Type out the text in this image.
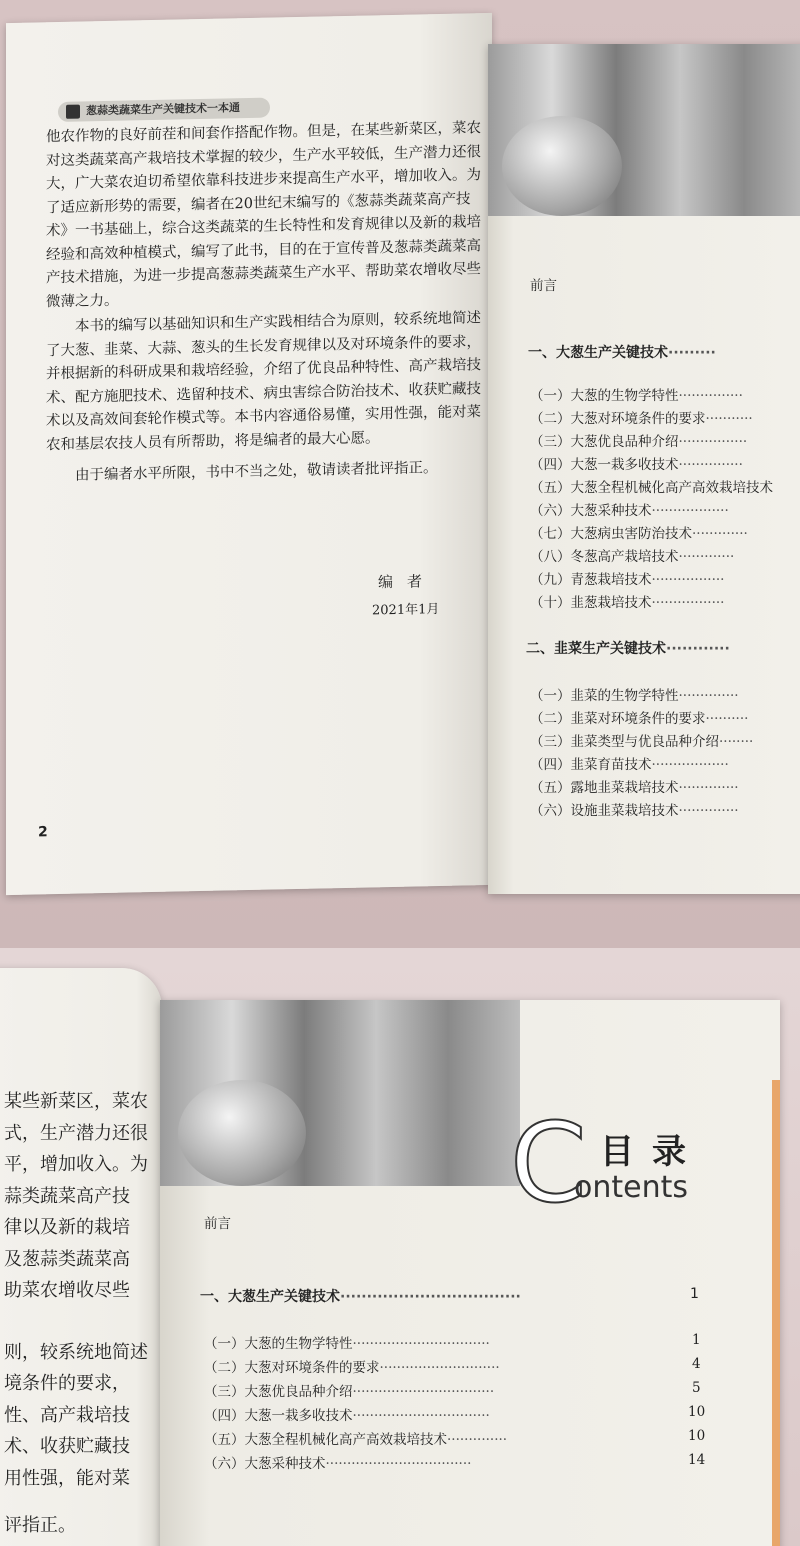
葱蒜类蔬菜生产关键技术一本通

他农作物的良好前茬和间套作搭配作物。但是，在某些新菜区，菜农对这类蔬菜高产栽培技术掌握的较少，生产水平较低，生产潜力还很大，广大菜农迫切希望依靠科技进步来提高生产水平，增加收入。为了适应新形势的需要，编者在20世纪末编写的《葱蒜类蔬菜高产技术》一书基础上，综合这类蔬菜的生长特性和发育规律以及新的栽培经验和高效种植模式，编写了此书，目的在于宣传普及葱蒜类蔬菜高产技术措施，为进一步提高葱蒜类蔬菜生产水平、帮助菜农增收尽些微薄之力。

本书的编写以基础知识和生产实践相结合为原则，较系统地简述了大葱、韭菜、大蒜、葱头的生长发育规律以及对环境条件的要求，并根据新的科研成果和栽培经验，介绍了优良品种特性、高产栽培技术、配方施肥技术、选留种技术、病虫害综合防治技术、收获贮藏技术以及高效间套轮作模式等。本书内容通俗易懂，实用性强，能对菜农和基层农技人员有所帮助，将是编者的最大心愿。

由于编者水平所限，书中不当之处，敬请读者批评指正。

编者
2021年1月
2
前言
一、大葱生产关键技术·········
（一）大葱的生物学特性···············
（二）大葱对环境条件的要求···········
（三）大葱优良品种介绍················
（四）大葱一栽多收技术···············
（五）大葱全程机械化高产高效栽培技术
（六）大葱采种技术··················
（七）大葱病虫害防治技术·············
（八）冬葱高产栽培技术·············
（九）青葱栽培技术·················
（十）韭葱栽培技术·················
二、韭菜生产关键技术············
（一）韭菜的生物学特性··············
（二）韭菜对环境条件的要求··········
（三）韭菜类型与优良品种介绍········
（四）韭菜育苗技术··················
（五）露地韭菜栽培技术··············
（六）设施韭菜栽培技术··············
某些新菜区，菜农
式，生产潜力还很
平，增加收入。为
蒜类蔬菜高产技
律以及新的栽培
及葱蒜类蔬菜高
助菜农增收尽些
则，较系统地简述
境条件的要求，
性、高产栽培技
术、收获贮藏技
用性强，能对菜
评指正。
C 目录
ontents
前言
一、大葱生产关键技术··································	1
（一）大葱的生物学特性································	1
（二）大葱对环境条件的要求····························	4
（三）大葱优良品种介绍·································	5
（四）大葱一栽多收技术································	10
（五）大葱全程机械化高产高效栽培技术··············	10
（六）大葱采种技术··································	14
